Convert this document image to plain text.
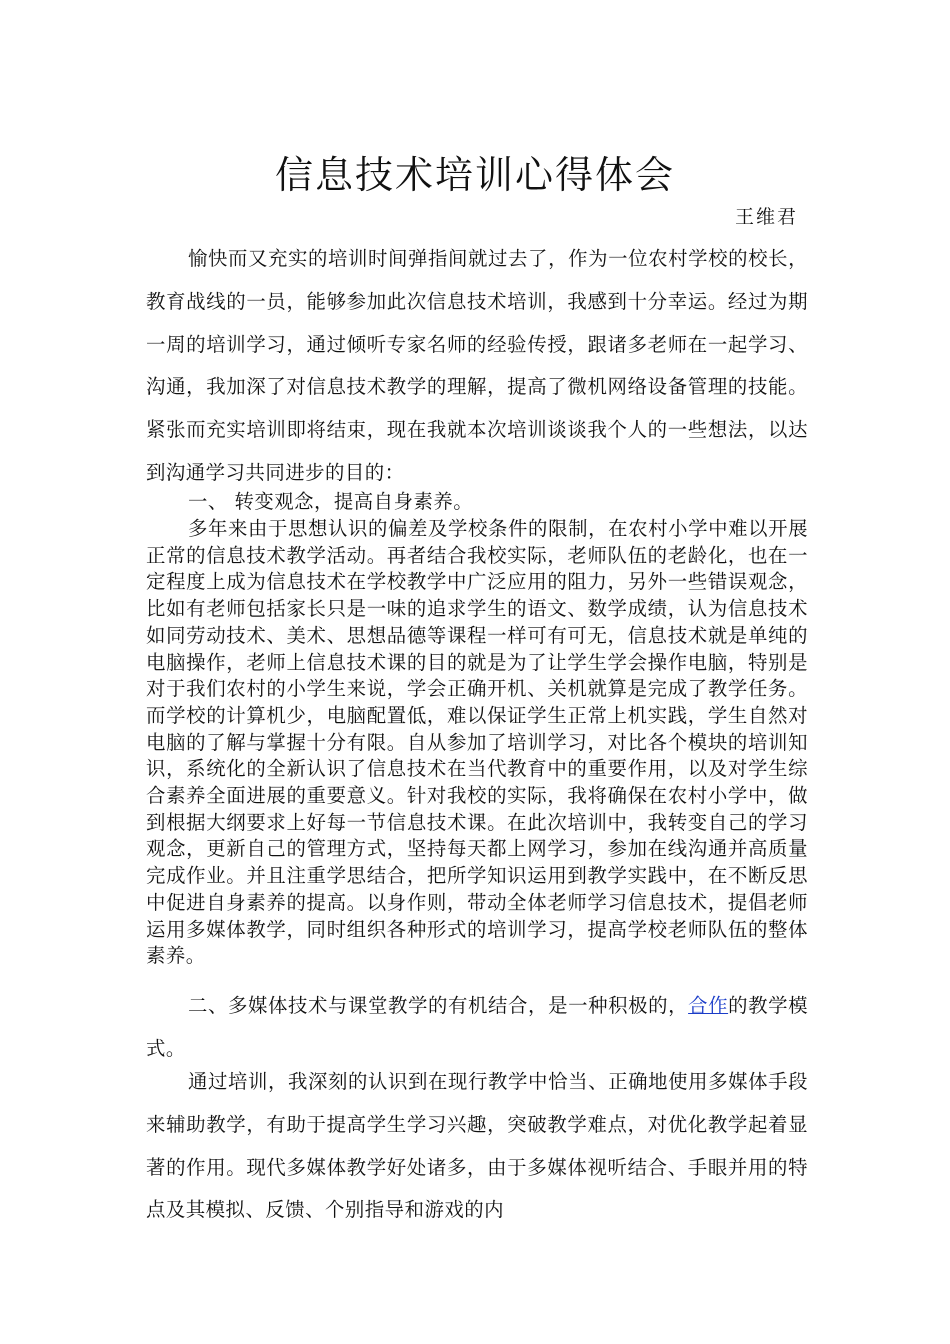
信息技术培训心得体会
王维君

愉快而又充实的培训时间弹指间就过去了，作为一位农村学校的校长，教育战线的一员，能够参加此次信息技术培训，我感到十分幸运。经过为期一周的培训学习，通过倾听专家名师的经验传授，跟诸多老师在一起学习、沟通，我加深了对信息技术教学的理解，提高了微机网络设备管理的技能。紧张而充实培训即将结束，现在我就本次培训谈谈我个人的一些想法，以达到沟通学习共同进步的目的：

一、 转变观念，提高自身素养。

多年来由于思想认识的偏差及学校条件的限制，在农村小学中难以开展正常的信息技术教学活动。再者结合我校实际，老师队伍的老龄化，也在一定程度上成为信息技术在学校教学中广泛应用的阻力，另外一些错误观念，比如有老师包括家长只是一味的追求学生的语文、数学成绩，认为信息技术如同劳动技术、美术、思想品德等课程一样可有可无，信息技术就是单纯的电脑操作，老师上信息技术课的目的就是为了让学生学会操作电脑，特别是对于我们农村的小学生来说，学会正确开机、关机就算是完成了教学任务。而学校的计算机少，电脑配置低，难以保证学生正常上机实践，学生自然对电脑的了解与掌握十分有限。自从参加了培训学习，对比各个模块的培训知识，系统化的全新认识了信息技术在当代教育中的重要作用，以及对学生综合素养全面进展的重要意义。针对我校的实际，我将确保在农村小学中，做到根据大纲要求上好每一节信息技术课。在此次培训中，我转变自己的学习观念，更新自己的管理方式，坚持每天都上网学习，参加在线沟通并高质量完成作业。并且注重学思结合，把所学知识运用到教学实践中，在不断反思中促进自身素养的提高。以身作则，带动全体老师学习信息技术，提倡老师运用多媒体教学，同时组织各种形式的培训学习，提高学校老师队伍的整体素养。

二、多媒体技术与课堂教学的有机结合，是一种积极的，合作的教学模式。

通过培训，我深刻的认识到在现行教学中恰当、正确地使用多媒体手段来辅助教学，有助于提高学生学习兴趣，突破教学难点，对优化教学起着显著的作用。现代多媒体教学好处诸多，由于多媒体视听结合、手眼并用的特点及其模拟、反馈、个别指导和游戏的内
